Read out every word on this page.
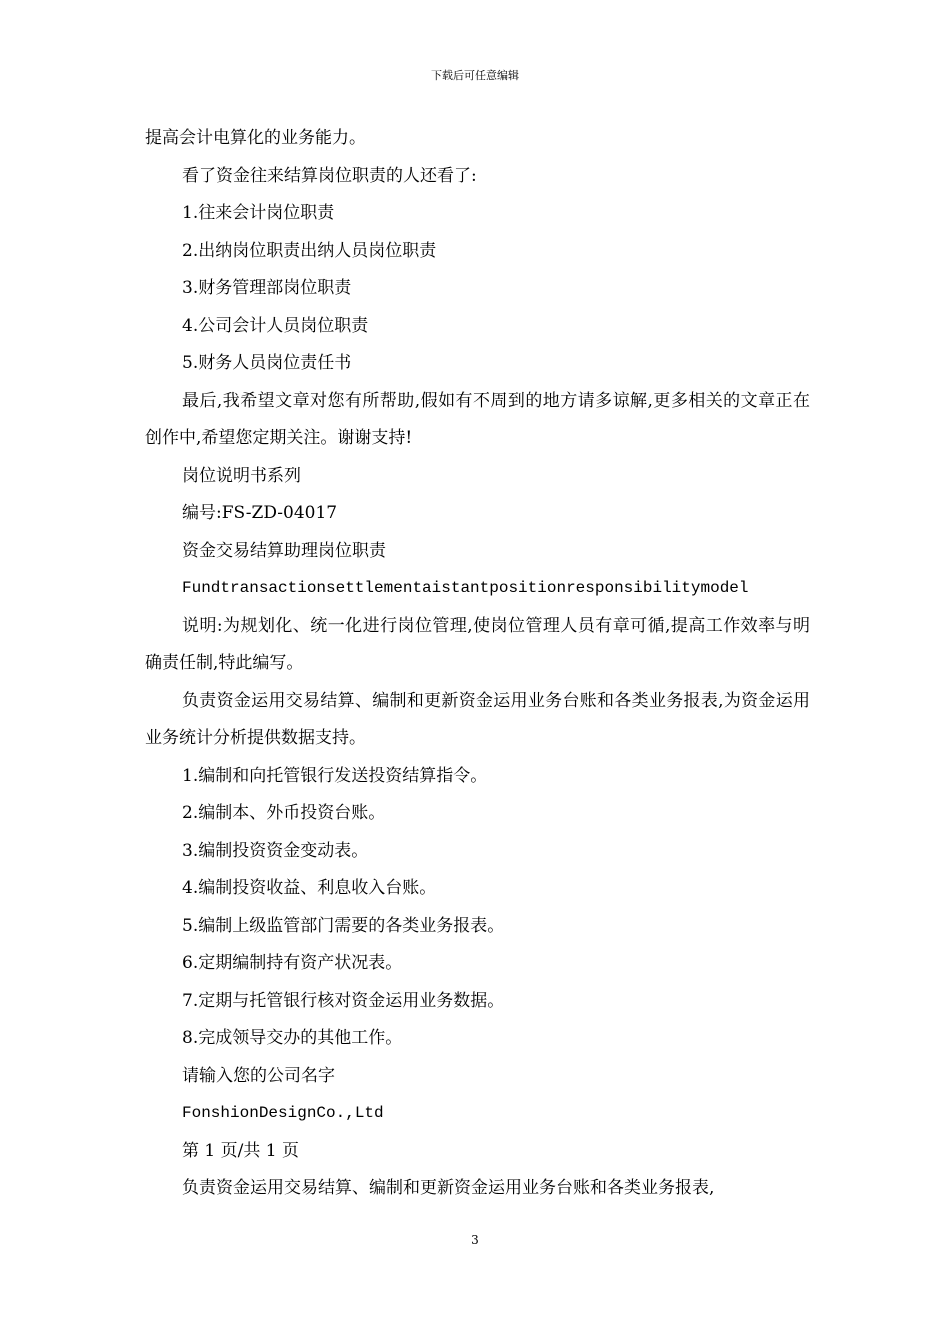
下载后可任意编辑

提高会计电算化的业务能力。

看了资金往来结算岗位职责的人还看了:

1.往来会计岗位职责

2.出纳岗位职责出纳人员岗位职责

3.财务管理部岗位职责

4.公司会计人员岗位职责

5.财务人员岗位责任书

最后,我希望文章对您有所帮助,假如有不周到的地方请多谅解,更多相关的文章正在创作中,希望您定期关注。谢谢支持!

岗位说明书系列

编号:FS-ZD-04017

资金交易结算助理岗位职责

Fundtransactionsettlementaistantpositionresponsibilitymodel

说明:为规划化、统一化进行岗位管理,使岗位管理人员有章可循,提高工作效率与明确责任制,特此编写。

负责资金运用交易结算、编制和更新资金运用业务台账和各类业务报表,为资金运用业务统计分析提供数据支持。

1.编制和向托管银行发送投资结算指令。

2.编制本、外币投资台账。

3.编制投资资金变动表。

4.编制投资收益、利息收入台账。

5.编制上级监管部门需要的各类业务报表。

6.定期编制持有资产状况表。

7.定期与托管银行核对资金运用业务数据。

8.完成领导交办的其他工作。

请输入您的公司名字

FonshionDesignCo.,Ltd

第 1 页/共 1 页

负责资金运用交易结算、编制和更新资金运用业务台账和各类业务报表,

3
